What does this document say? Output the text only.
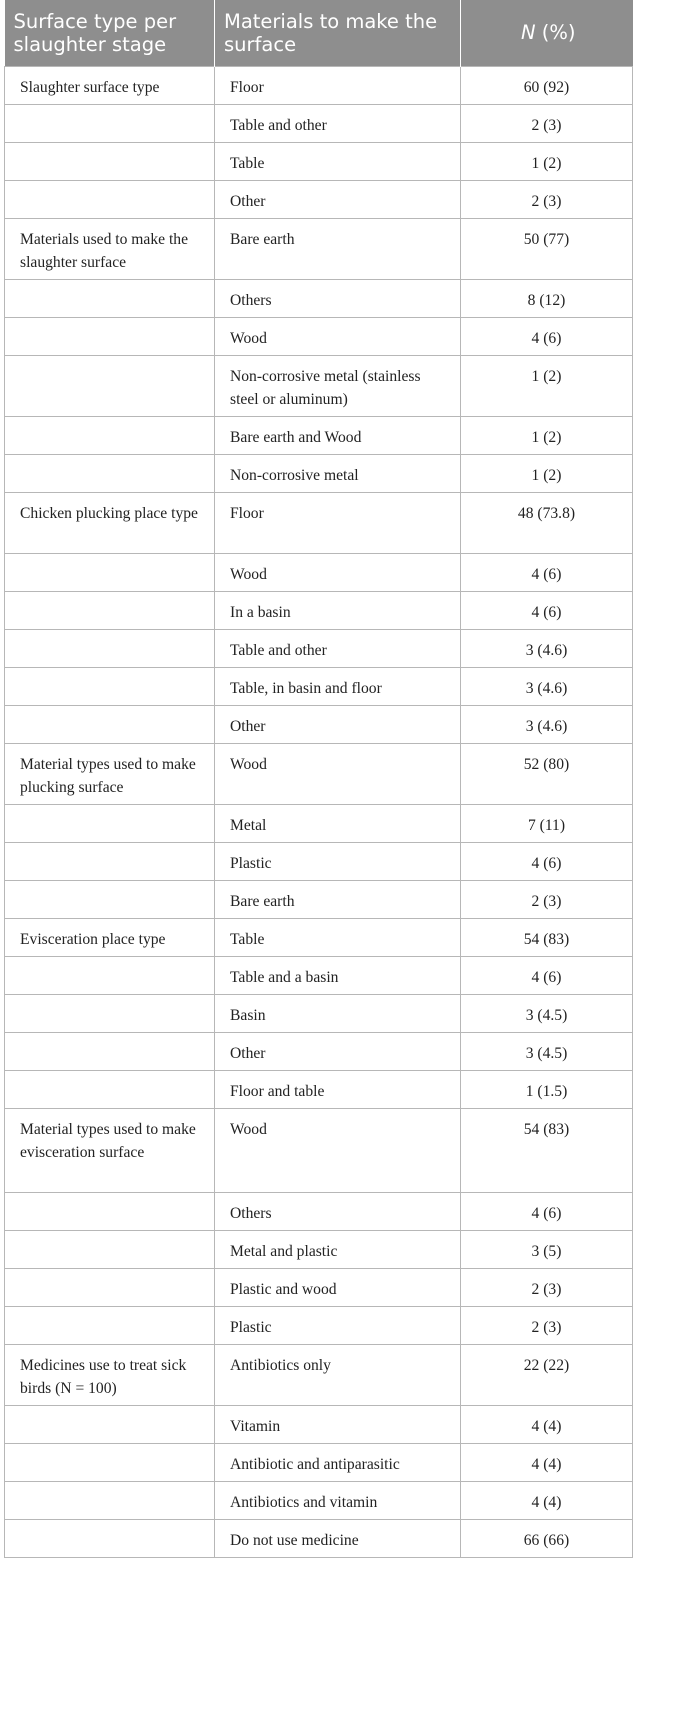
Surface type per slaughter stage	Materials to make the surface	N (%)
Slaughter surface type	Floor	60 (92)
	Table and other	2 (3)
	Table	1 (2)
	Other	2 (3)
Materials used to make the slaughter surface	Bare earth	50 (77)
	Others	8 (12)
	Wood	4 (6)
	Non-corrosive metal (stainless steel or aluminum)	1 (2)
	Bare earth and Wood	1 (2)
	Non-corrosive metal	1 (2)
Chicken plucking place type	Floor	48 (73.8)
	Wood	4 (6)
	In a basin	4 (6)
	Table and other	3 (4.6)
	Table, in basin and floor	3 (4.6)
	Other	3 (4.6)
Material types used to make plucking surface	Wood	52 (80)
	Metal	7 (11)
	Plastic	4 (6)
	Bare earth	2 (3)
Evisceration place type	Table	54 (83)
	Table and a basin	4 (6)
	Basin	3 (4.5)
	Other	3 (4.5)
	Floor and table	1 (1.5)
Material types used to make evisceration surface	Wood	54 (83)
	Others	4 (6)
	Metal and plastic	3 (5)
	Plastic and wood	2 (3)
	Plastic	2 (3)
Medicines use to treat sick birds (N = 100)	Antibiotics only	22 (22)
	Vitamin	4 (4)
	Antibiotic and antiparasitic	4 (4)
	Antibiotics and vitamin	4 (4)
	Do not use medicine	66 (66)
